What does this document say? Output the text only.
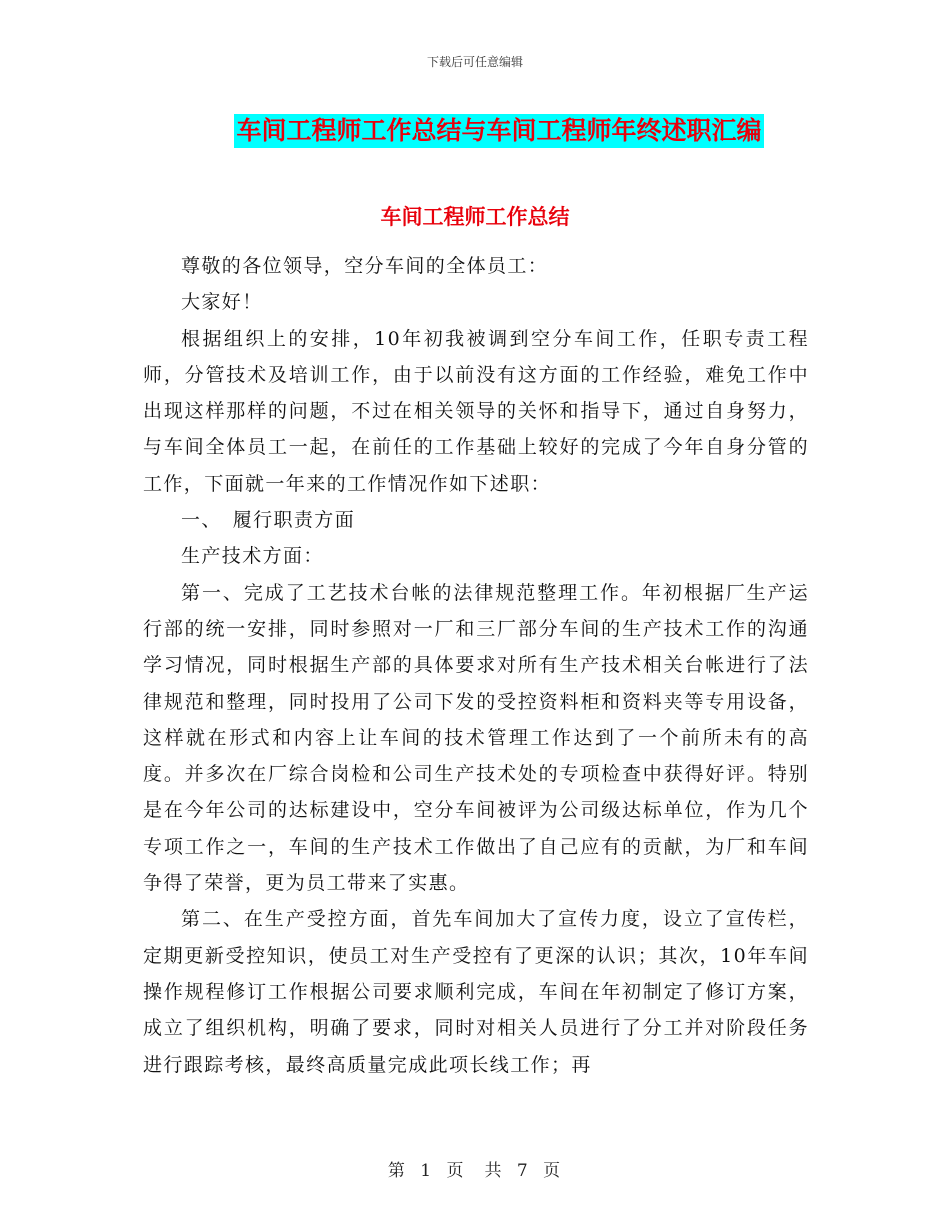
下载后可任意编辑
车间工程师工作总结与车间工程师年终述职汇编
车间工程师工作总结

尊敬的各位领导，空分车间的全体员工：

大家好！

根据组织上的安排，10年初我被调到空分车间工作，任职专责工程师，分管技术及培训工作，由于以前没有这方面的工作经验，难免工作中出现这样那样的问题，不过在相关领导的关怀和指导下，通过自身努力，与车间全体员工一起，在前任的工作基础上较好的完成了今年自身分管的工作，下面就一年来的工作情况作如下述职：

一、　履行职责方面

生产技术方面：

第一、完成了工艺技术台帐的法律规范整理工作。年初根据厂生产运行部的统一安排，同时参照对一厂和三厂部分车间的生产技术工作的沟通学习情况，同时根据生产部的具体要求对所有生产技术相关台帐进行了法律规范和整理，同时投用了公司下发的受控资料柜和资料夹等专用设备，这样就在形式和内容上让车间的技术管理工作达到了一个前所未有的高度。并多次在厂综合岗检和公司生产技术处的专项检查中获得好评。特别是在今年公司的达标建设中，空分车间被评为公司级达标单位，作为几个专项工作之一，车间的生产技术工作做出了自己应有的贡献，为厂和车间争得了荣誉，更为员工带来了实惠。

第二、在生产受控方面，首先车间加大了宣传力度，设立了宣传栏，定期更新受控知识，使员工对生产受控有了更深的认识；其次，10年车间操作规程修订工作根据公司要求顺利完成，车间在年初制定了修订方案，成立了组织机构，明确了要求，同时对相关人员进行了分工并对阶段任务进行跟踪考核，最终高质量完成此项长线工作；再

第 1 页　共 7 页
